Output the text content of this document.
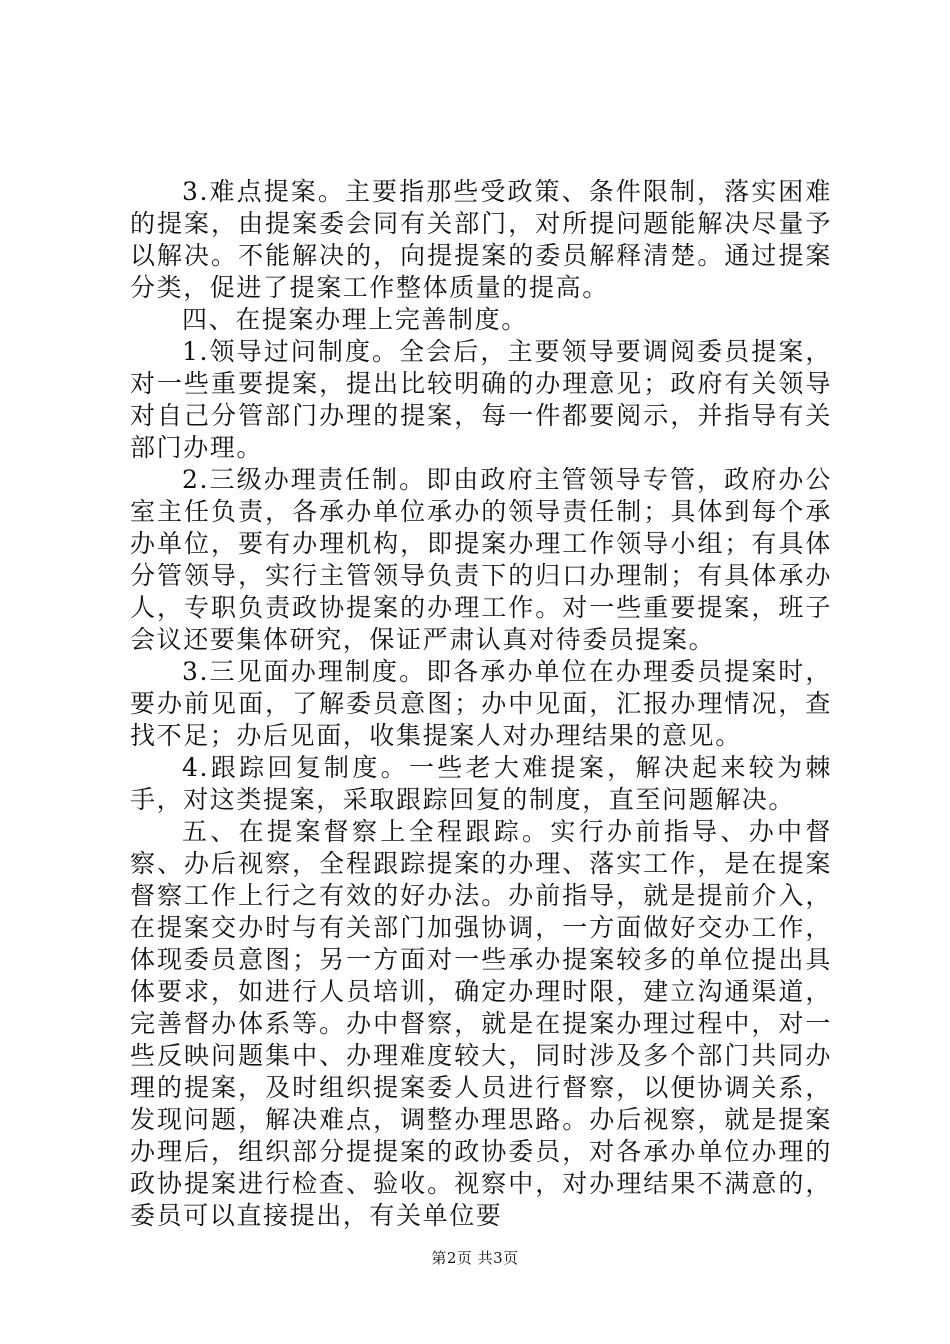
3.难点提案。主要指那些受政策、条件限制，落实困难的提案，由提案委会同有关部门，对所提问题能解决尽量予以解决。不能解决的，向提提案的委员解释清楚。通过提案分类，促进了提案工作整体质量的提高。

四、在提案办理上完善制度。

1.领导过问制度。全会后，主要领导要调阅委员提案，对一些重要提案，提出比较明确的办理意见；政府有关领导对自己分管部门办理的提案，每一件都要阅示，并指导有关部门办理。

2.三级办理责任制。即由政府主管领导专管，政府办公室主任负责，各承办单位承办的领导责任制；具体到每个承办单位，要有办理机构，即提案办理工作领导小组；有具体分管领导，实行主管领导负责下的归口办理制；有具体承办人，专职负责政协提案的办理工作。对一些重要提案，班子会议还要集体研究，保证严肃认真对待委员提案。

3.三见面办理制度。即各承办单位在办理委员提案时，要办前见面，了解委员意图；办中见面，汇报办理情况，查找不足；办后见面，收集提案人对办理结果的意见。

4.跟踪回复制度。一些老大难提案，解决起来较为棘手，对这类提案，采取跟踪回复的制度，直至问题解决。

五、在提案督察上全程跟踪。实行办前指导、办中督察、办后视察，全程跟踪提案的办理、落实工作，是在提案督察工作上行之有效的好办法。办前指导，就是提前介入，在提案交办时与有关部门加强协调，一方面做好交办工作，体现委员意图；另一方面对一些承办提案较多的单位提出具体要求，如进行人员培训，确定办理时限，建立沟通渠道，完善督办体系等。办中督察，就是在提案办理过程中，对一些反映问题集中、办理难度较大，同时涉及多个部门共同办理的提案，及时组织提案委人员进行督察，以便协调关系，发现问题，解决难点，调整办理思路。办后视察，就是提案办理后，组织部分提提案的政协委员，对各承办单位办理的政协提案进行检查、验收。视察中，对办理结果不满意的，委员可以直接提出，有关单位要

第2页 共3页
